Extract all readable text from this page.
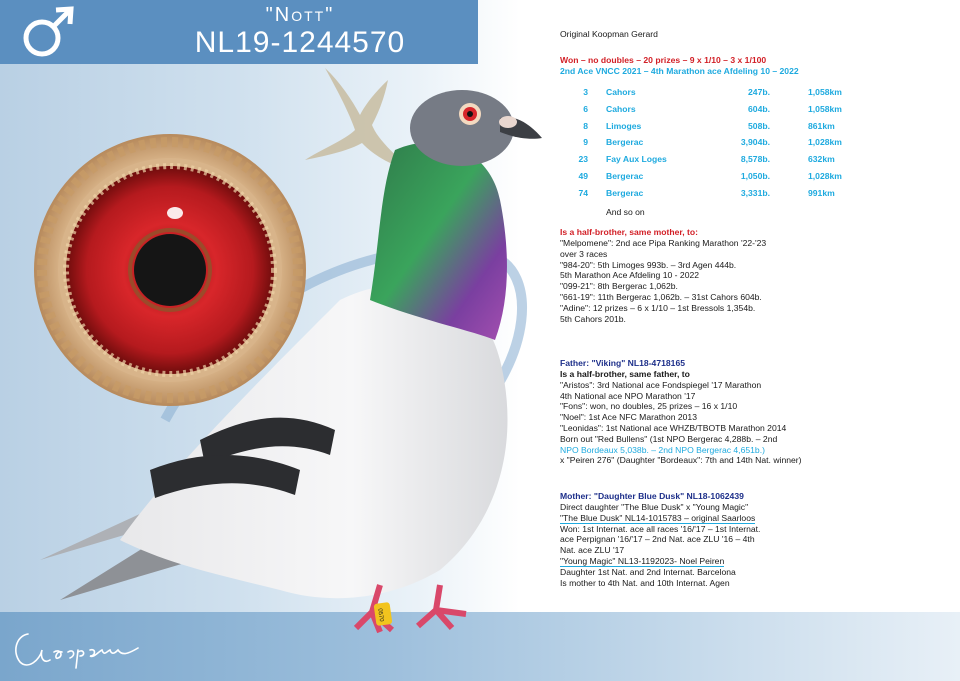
0570
"Nott"
NL19-1244570	Original Koopman Gerard
Won – no doubles – 20 prizes – 9 x 1/10 – 3 x 1/100
2nd Ace VNCC 2021 – 4th Marathon ace Afdeling 10 – 2022
3 Cahors	247b.	1,058km
6 Cahors	604b.	1,058km
8 Limoges	508b.	861km
9 Bergerac	3,904b.	1,028km
23 Fay Aux Loges	8,578b.	632km
49 Bergerac	1,050b.	1,028km
74 Bergerac	3,331b.	991km
And so on
Is a half-brother, same mother, to:
"Melpomene": 2nd ace Pipa Ranking Marathon '22-'23
over 3 races
"984-20": 5th Limoges 993b. – 3rd Agen 444b.
5th Marathon Ace Afdeling 10 - 2022
"099-21": 8th Bergerac 1,062b.
"661-19": 11th Bergerac 1,062b. – 31st Cahors 604b.
"Adine": 12 prizes – 6 x 1/10 – 1st Bressols 1,354b.
5th Cahors 201b.
Father: "Viking" NL18-4718165
Is a half-brother, same father, to
"Aristos": 3rd National ace Fondspiegel '17 Marathon
4th National ace NPO Marathon '17
"Fons": won, no doubles, 25 prizes – 16 x 1/10
"Noel": 1st Ace NFC Marathon 2013
"Leonidas": 1st National ace WHZB/TBOTB Marathon 2014
Born out "Red Bullens" (1st NPO Bergerac 4,288b. – 2nd
NPO Bordeaux 5,038b. – 2nd NPO Bergerac 4,651b.)
x "Peiren 276" (Daughter "Bordeaux": 7th and 14th Nat. winner)
Mother: "Daughter Blue Dusk" NL18-1062439
Direct daughter "The Blue Dusk" x "Young Magic"
"The Blue Dusk" NL14-1015783 – original Saarloos
Won: 1st Internat. ace all races '16/'17 – 1st Internat.
ace Perpignan '16/'17 – 2nd Nat. ace ZLU '16 – 4th
Nat. ace ZLU '17
"Young Magic" NL13-1192023- Noel Peiren
Daughter 1st Nat. and 2nd Internat. Barcelona
Is mother to 4th Nat. and 10th Internat. Agen
Koopman
